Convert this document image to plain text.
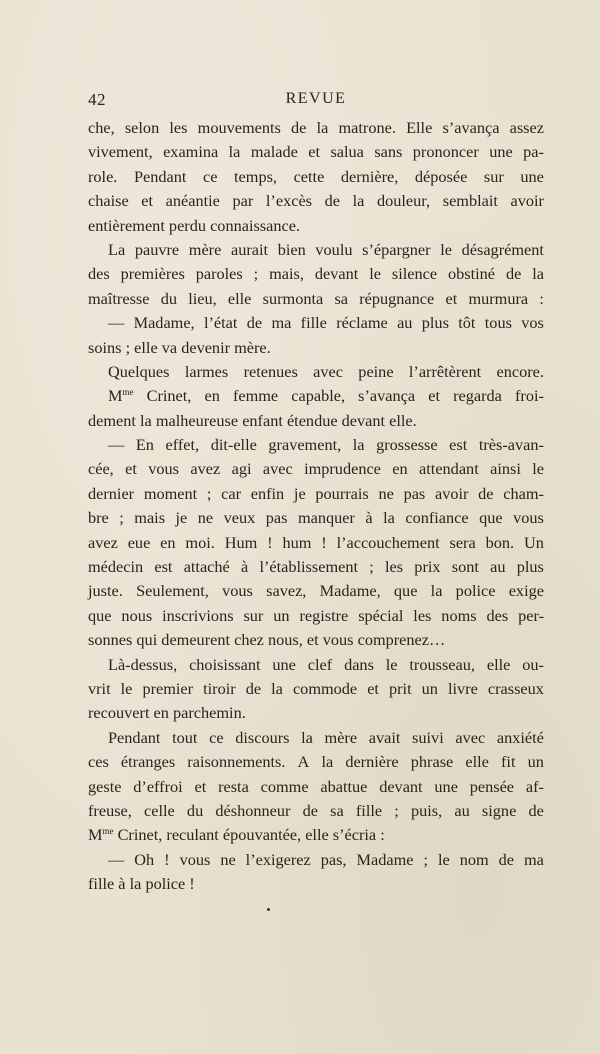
42	REVUE
che, selon les mouvements de la matrone. Elle s’avança assez
vivement, examina la malade et salua sans prononcer une pa-
role. Pendant ce temps, cette dernière, déposée sur une
chaise et anéantie par l’excès de la douleur, semblait avoir
entièrement perdu connaissance.
La pauvre mère aurait bien voulu s’épargner le désagrément
des premières paroles ; mais, devant le silence obstiné de la
maîtresse du lieu, elle surmonta sa répugnance et murmura :
— Madame, l’état de ma fille réclame au plus tôt tous vos
soins ; elle va devenir mère.
Quelques larmes retenues avec peine l’arrêtèrent encore.
$M^{me}$ Crinet, en femme capable, s’avança et regarda froi-
dement la malheureuse enfant étendue devant elle.
— En effet, dit-elle gravement, la grossesse est très-avan-
cée, et vous avez agi avec imprudence en attendant ainsi le
dernier moment ; car enfin je pourrais ne pas avoir de cham-
bre ; mais je ne veux pas manquer à la confiance que vous
avez eue en moi. Hum ! hum ! l’accouchement sera bon. Un
médecin est attaché à l’établissement ; les prix sont au plus
juste. Seulement, vous savez, Madame, que la police exige
que nous inscrivions sur un registre spécial les noms des per-
sonnes qui demeurent chez nous, et vous comprenez…
Là-dessus, choisissant une clef dans le trousseau, elle ou-
vrit le premier tiroir de la commode et prit un livre crasseux
recouvert en parchemin.
Pendant tout ce discours la mère avait suivi avec anxiété
ces étranges raisonnements. A la dernière phrase elle fit un
geste d’effroi et resta comme abattue devant une pensée af-
freuse, celle du déshonneur de sa fille ; puis, au signe de
$M^{me}$ Crinet, reculant épouvantée, elle s’écria :
— Oh ! vous ne l’exigerez pas, Madame ; le nom de ma
fille à la police !
